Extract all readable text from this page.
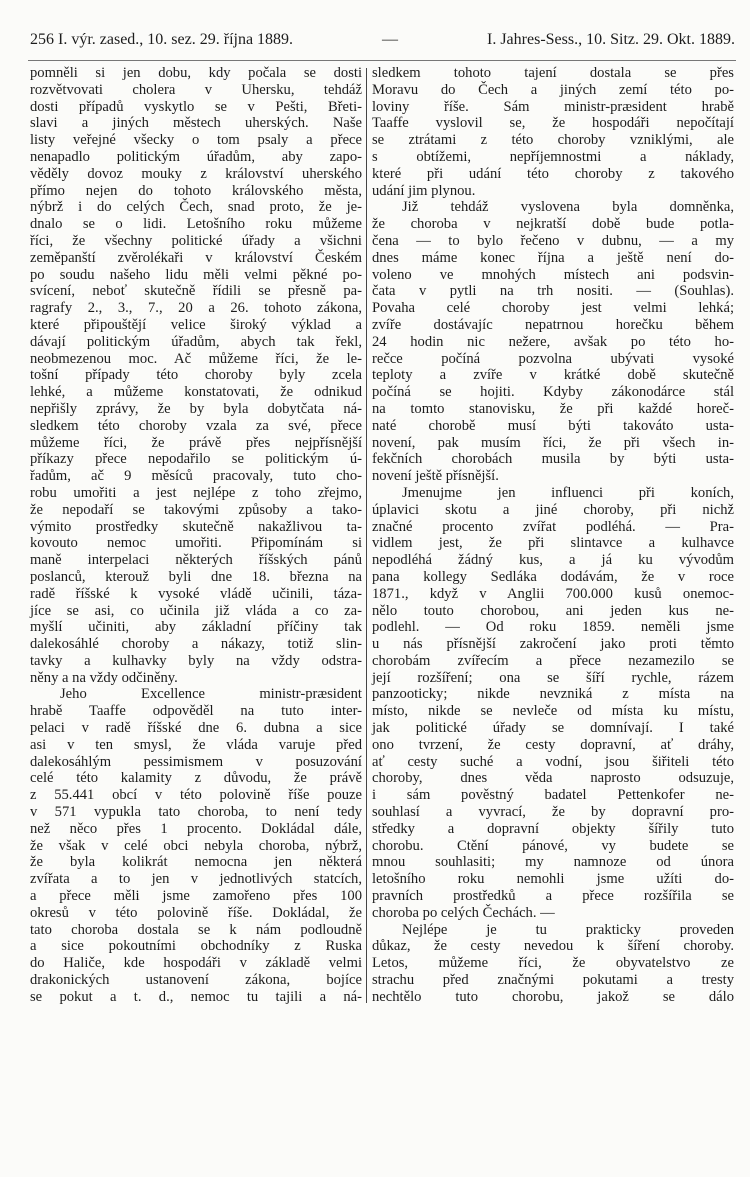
256 I. výr. zased., 10. sez. 29. října 1889.	—	I. Jahres-Sess., 10. Sitz. 29. Okt. 1889.
pomněli si jen dobu, kdy počala se dosti
rozvětvovati cholera v Uhersku, tehdáž
dosti případů vyskytlo se v Pešti, Břeti-
slavi a jiných městech uherských. Naše
listy veřejné všecky o tom psaly a přece
nenapadlo politickým úřadům, aby zapo-
věděly dovoz mouky z království uherského
přímo nejen do tohoto královského města,
nýbrž i do celých Čech, snad proto, že je-
dnalo se o lidi. Letošního roku můžeme
říci, že všechny politické úřady a všichni
zeměpanští zvěrolékaři v království Českém
po soudu našeho lidu měli velmi pěkné po-
svícení, neboť skutečně řídili se přesně pa-
ragrafy 2., 3., 7., 20 a 26. tohoto zákona,
které připouštějí velice široký výklad a
dávají politickým úřadům, abych tak řekl,
neobmezenou moc. Ač můžeme říci, že le-
tošní případy této choroby byly zcela
lehké, a můžeme konstatovati, že odnikud
nepřišly zprávy, že by byla dobytčata ná-
sledkem této choroby vzala za své, přece
můžeme říci, že právě přes nejpřísnější
příkazy přece nepodařilo se politickým ú-
řadům, ač 9 měsíců pracovaly, tuto cho-
robu umořiti a jest nejlépe z toho zřejmo,
že nepodaří se takovými způsoby a tako-
výmito prostředky skutečně nakažlivou ta-
kovouto nemoc umořiti. Připomínám si
maně interpelaci některých říšských pánů
poslanců, kterouž byli dne 18. března na
radě říšské k vysoké vládě učinili, táza-
jíce se asi, co učinila již vláda a co za-
myšlí učiniti, aby základní příčiny tak
dalekosáhlé choroby a nákazy, totiž slin-
tavky a kulhavky byly na vždy odstra-
něny a na vždy odčiněny.
Jeho Excellence ministr-præsident
hrabě Taaffe odpověděl na tuto inter-
pelaci v radě říšské dne 6. dubna a sice
asi v ten smysl, že vláda varuje před
dalekosáhlým pessimismem v posuzování
celé této kalamity z důvodu, že právě
z 55.441 obcí v této polovině říše pouze
v 571 vypukla tato choroba, to není tedy
než něco přes 1 procento. Dokládal dále,
že však v celé obci nebyla choroba, nýbrž,
že byla kolikrát nemocna jen některá
zvířata a to jen v jednotlivých statcích,
a přece měli jsme zamořeno přes 100
okresů v této polovině říše. Dokládal, že
tato choroba dostala se k nám podloudně
a sice pokoutními obchodníky z Ruska
do Haliče, kde hospodáři v základě velmi
drakonických ustanovení zákona, bojíce
se pokut a t. d., nemoc tu tajili a ná-
sledkem tohoto tajení dostala se přes
Moravu do Čech a jiných zemí této po-
loviny říše. Sám ministr-præsident hrabě
Taaffe vyslovil se, že hospodáři nepočítají
se ztrátami z této choroby vzniklými, ale
s obtížemi, nepříjemnostmi a náklady,
které při udání této choroby z takového
udání jim plynou.
Již tehdáž vyslovena byla domněnka,
že choroba v nejkratší době bude potla-
čena — to bylo řečeno v dubnu, — a my
dnes máme konec října a ještě není do-
voleno ve mnohých místech ani podsvin-
čata v pytli na trh nositi. — (Souhlas).
Povaha celé choroby jest velmi lehká;
zvíře dostávajíc nepatrnou horečku během
24 hodin nic nežere, avšak po této ho-
rečce počíná pozvolna ubývati vysoké
teploty a zvíře v krátké době skutečně
počíná se hojiti. Kdyby zákonodárce stál
na tomto stanovisku, že při každé horeč-
naté chorobě musí býti takováto usta-
novení, pak musím říci, že při všech in-
fekčních chorobách musila by býti usta-
novení ještě přísnější.
Jmenujme jen influenci při koních,
úplavici skotu a jiné choroby, při nichž
značné procento zvířat podléhá. — Pra-
vidlem jest, že při slintavce a kulhavce
nepodléhá žádný kus, a já ku vývodům
pana kollegy Sedláka dodávám, že v roce
1871., když v Anglii 700.000 kusů onemoc-
nělo touto chorobou, ani jeden kus ne-
podlehl. — Od roku 1859. neměli jsme
u nás přísnější zakročení jako proti těmto
chorobám zvířecím a přece nezamezilo se
její rozšíření; ona se šíří rychle, rázem
panzooticky; nikde nevzniká z místa na
místo, nikde se nevleče od místa ku místu,
jak politické úřady se domnívají. I také
ono tvrzení, že cesty dopravní, ať dráhy,
ať cesty suché a vodní, jsou šiřiteli této
choroby, dnes věda naprosto odsuzuje,
i sám pověstný badatel Pettenkofer ne-
souhlasí a vyvrací, že by dopravní pro-
středky a dopravní objekty šířily tuto
chorobu. Ctění pánové, vy budete se
mnou souhlasiti; my namnoze od února
letošního roku nemohli jsme užíti do-
pravních prostředků a přece rozšířila se
choroba po celých Čechách. —
Nejlépe je tu prakticky proveden
důkaz, že cesty nevedou k šíření choroby.
Letos, můžeme říci, že obyvatelstvo ze
strachu před značnými pokutami a tresty
nechtělo tuto chorobu, jakož se dálo
